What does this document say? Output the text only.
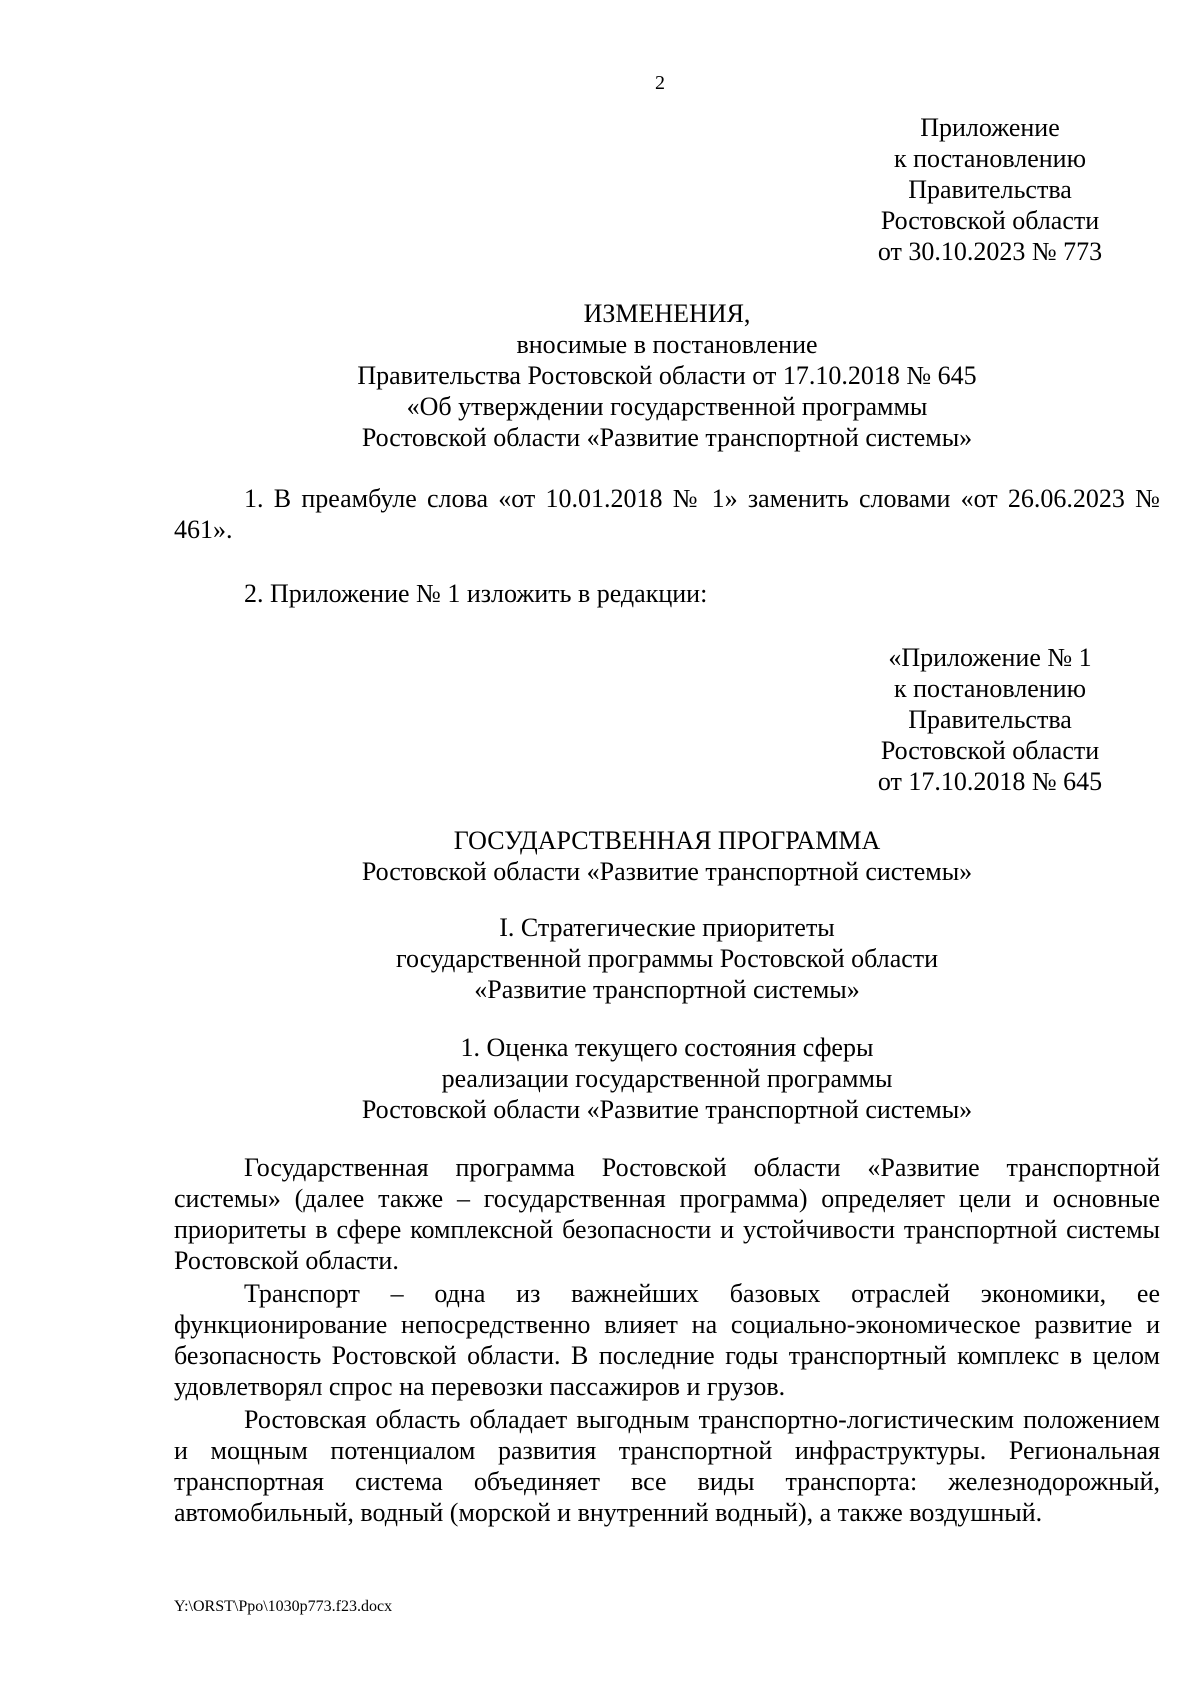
2
Приложение
к постановлению
Правительства
Ростовской области
от 30.10.2023 № 773
ИЗМЕНЕНИЯ,
вносимые в постановление
Правительства Ростовской области от 17.10.2018 № 645
«Об утверждении государственной программы
Ростовской области «Развитие транспортной системы»

1. В преамбуле слова «от 10.01.2018 № 1» заменить словами «от 26.06.2023 № 461».

2. Приложение № 1 изложить в редакции:

«Приложение № 1
к постановлению
Правительства
Ростовской области
от 17.10.2018 № 645
ГОСУДАРСТВЕННАЯ ПРОГРАММА
Ростовской области «Развитие транспортной системы»
I. Стратегические приоритеты
государственной программы Ростовской области
«Развитие транспортной системы»
1. Оценка текущего состояния сферы
реализации государственной программы
Ростовской области «Развитие транспортной системы»

Государственная программа Ростовской области «Развитие транспортной системы» (далее также – государственная программа) определяет цели и основные приоритеты в сфере комплексной безопасности и устойчивости транспортной системы Ростовской области.

Транспорт – одна из важнейших базовых отраслей экономики, ее функционирование непосредственно влияет на социально-экономическое развитие и безопасность Ростовской области. В последние годы транспортный комплекс в целом удовлетворял спрос на перевозки пассажиров и грузов.

Ростовская область обладает выгодным транспортно-логистическим положением и мощным потенциалом развития транспортной инфраструктуры. Региональная транспортная система объединяет все виды транспорта: железнодорожный, автомобильный, водный (морской и внутренний водный), а также воздушный.

Y:\ORST\Ppo\1030p773.f23.docx
